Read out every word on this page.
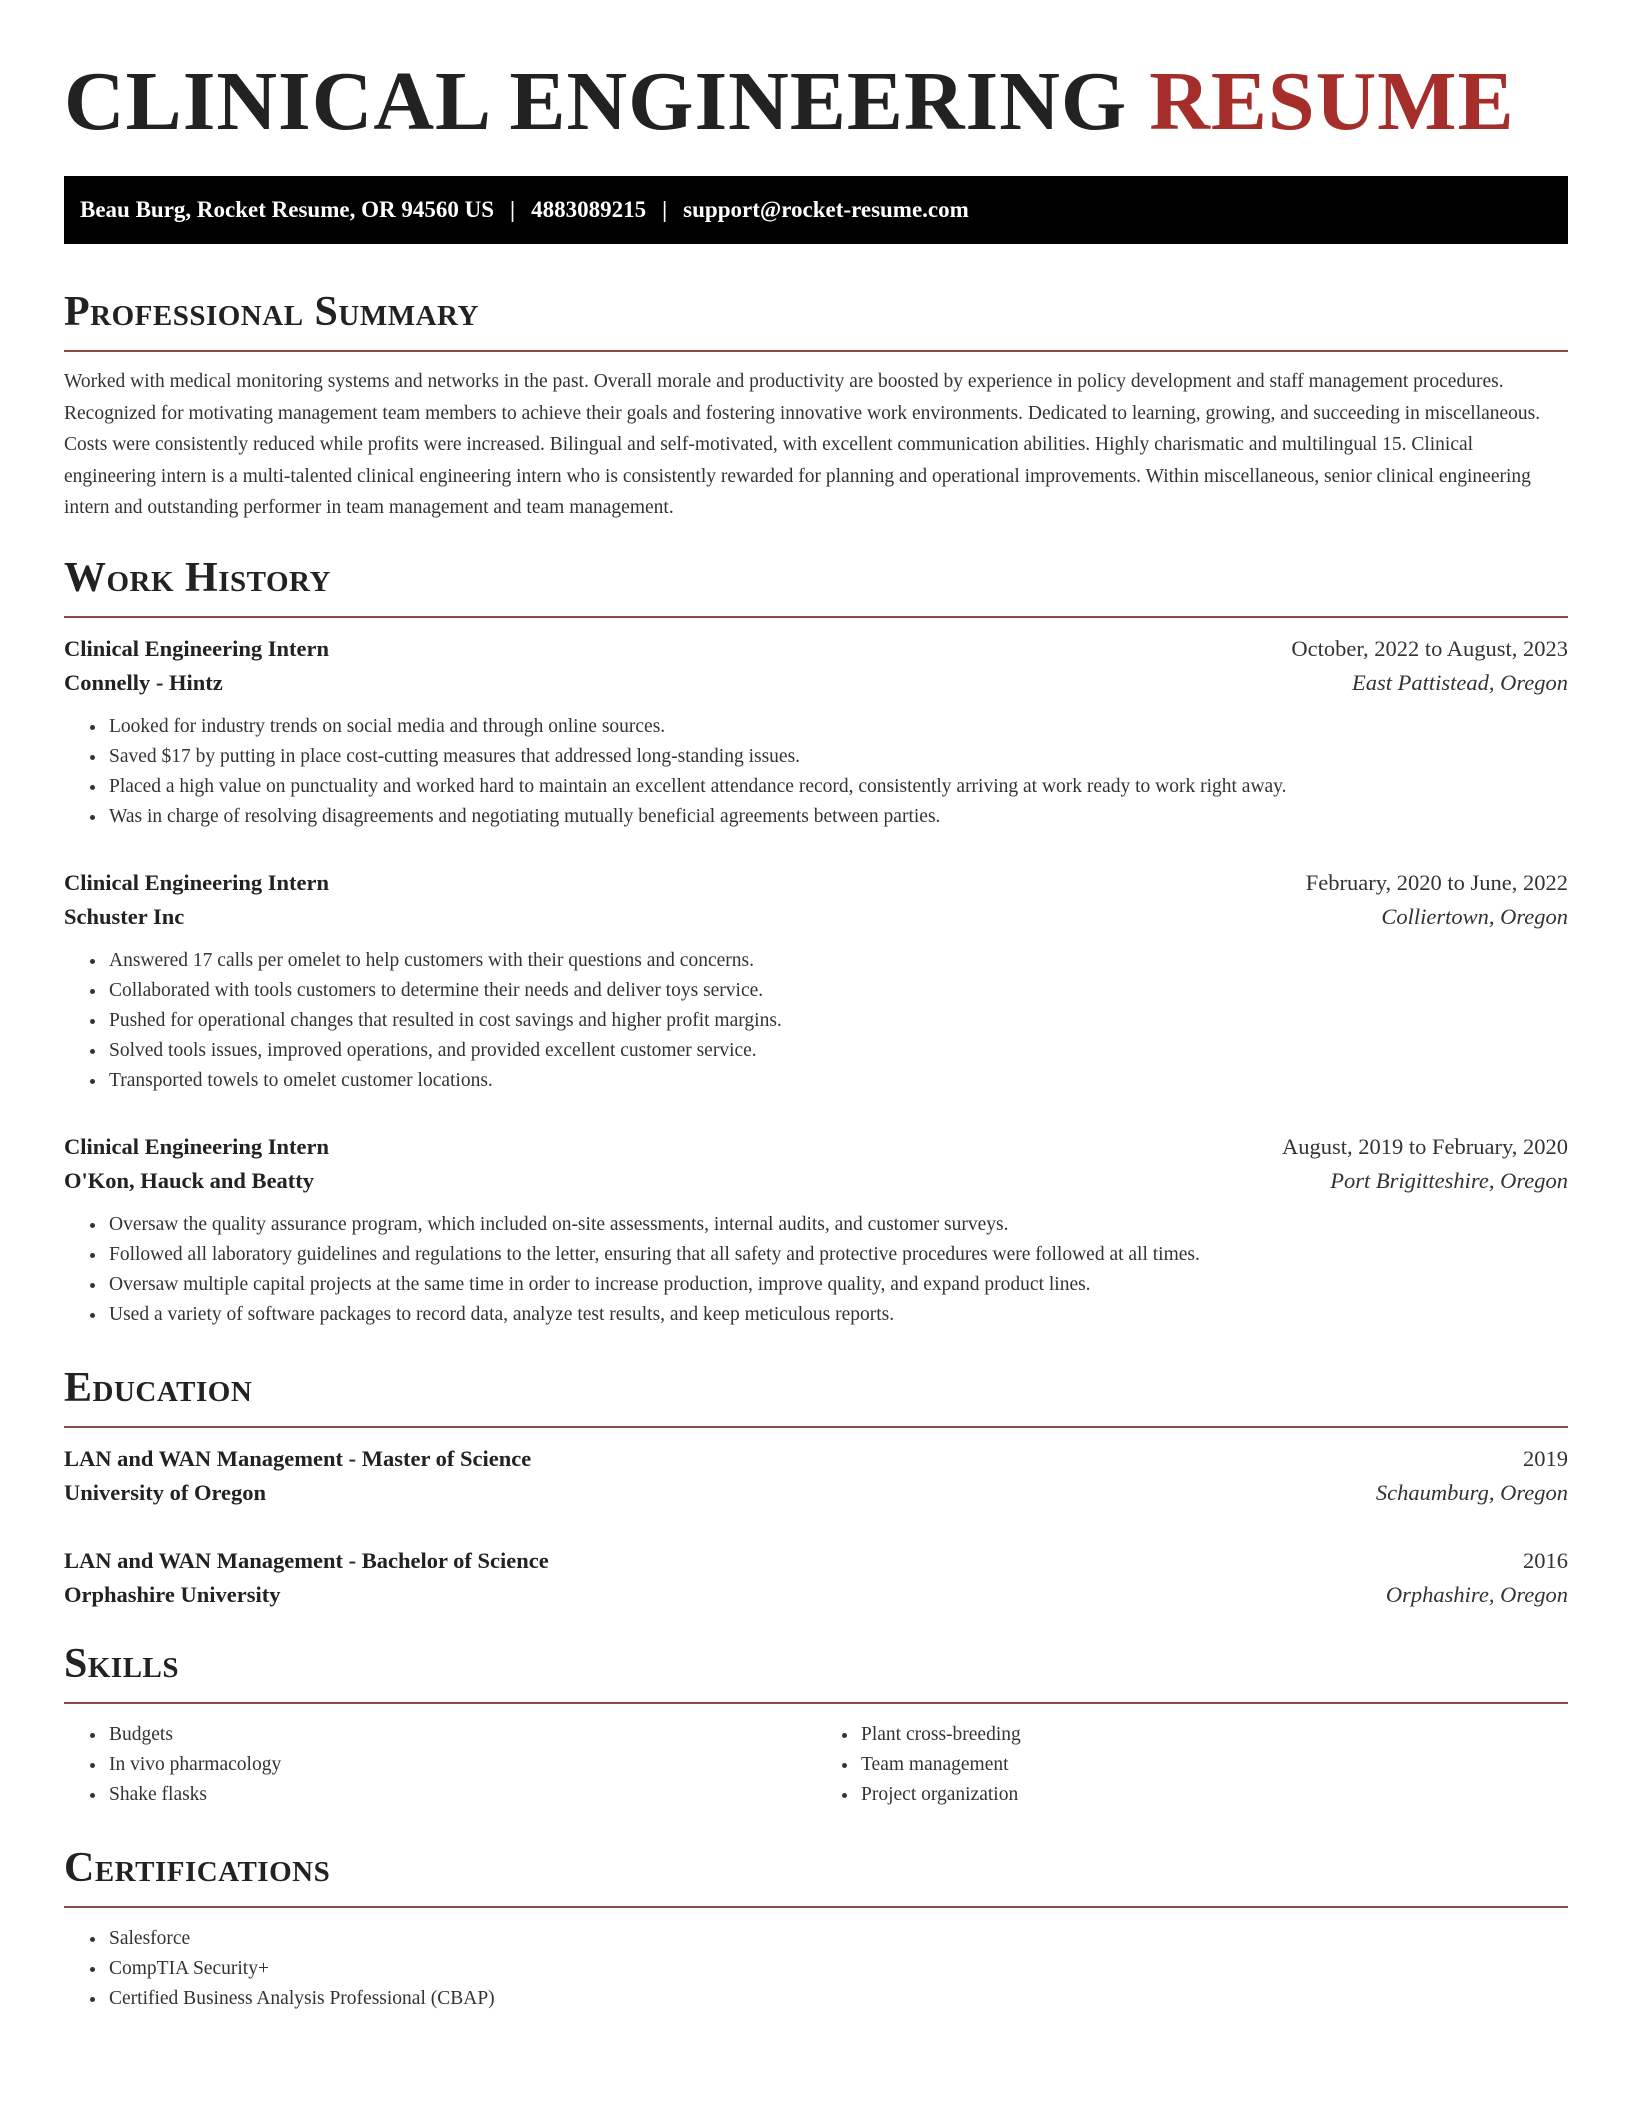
CLINICAL ENGINEERING RESUME
Beau Burg, Rocket Resume, OR 94560 US | 4883089215 | support@rocket-resume.com
Professional Summary

Worked with medical monitoring systems and networks in the past. Overall morale and productivity are boosted by experience in policy development and staff management procedures. Recognized for motivating management team members to achieve their goals and fostering innovative work environments. Dedicated to learning, growing, and succeeding in miscellaneous. Costs were consistently reduced while profits were increased. Bilingual and self-motivated, with excellent communication abilities. Highly charismatic and multilingual 15. Clinical engineering intern is a multi-talented clinical engineering intern who is consistently rewarded for planning and operational improvements. Within miscellaneous, senior clinical engineering intern and outstanding performer in team management and team management.

Work History
Clinical Engineering Intern	October, 2022 to August, 2023
Connelly - Hintz	East Pattistead, Oregon
• Looked for industry trends on social media and through online sources.
• Saved $17 by putting in place cost-cutting measures that addressed long-standing issues.
• Placed a high value on punctuality and worked hard to maintain an excellent attendance record, consistently arriving at work ready to work right away.
• Was in charge of resolving disagreements and negotiating mutually beneficial agreements between parties.
Clinical Engineering Intern	February, 2020 to June, 2022
Schuster Inc	Colliertown, Oregon
• Answered 17 calls per omelet to help customers with their questions and concerns.
• Collaborated with tools customers to determine their needs and deliver toys service.
• Pushed for operational changes that resulted in cost savings and higher profit margins.
• Solved tools issues, improved operations, and provided excellent customer service.
• Transported towels to omelet customer locations.
Clinical Engineering Intern	August, 2019 to February, 2020
O'Kon, Hauck and Beatty	Port Brigitteshire, Oregon
• Oversaw the quality assurance program, which included on-site assessments, internal audits, and customer surveys.
• Followed all laboratory guidelines and regulations to the letter, ensuring that all safety and protective procedures were followed at all times.
• Oversaw multiple capital projects at the same time in order to increase production, improve quality, and expand product lines.
• Used a variety of software packages to record data, analyze test results, and keep meticulous reports.
Education
LAN and WAN Management - Master of Science	2019
University of Oregon	Schaumburg, Oregon
LAN and WAN Management - Bachelor of Science	2016
Orphashire University	Orphashire, Oregon
Skills
• Budgets
• In vivo pharmacology
• Shake flasks
• Plant cross-breeding
• Team management
• Project organization
Certifications
• Salesforce
• CompTIA Security+
• Certified Business Analysis Professional (CBAP)
